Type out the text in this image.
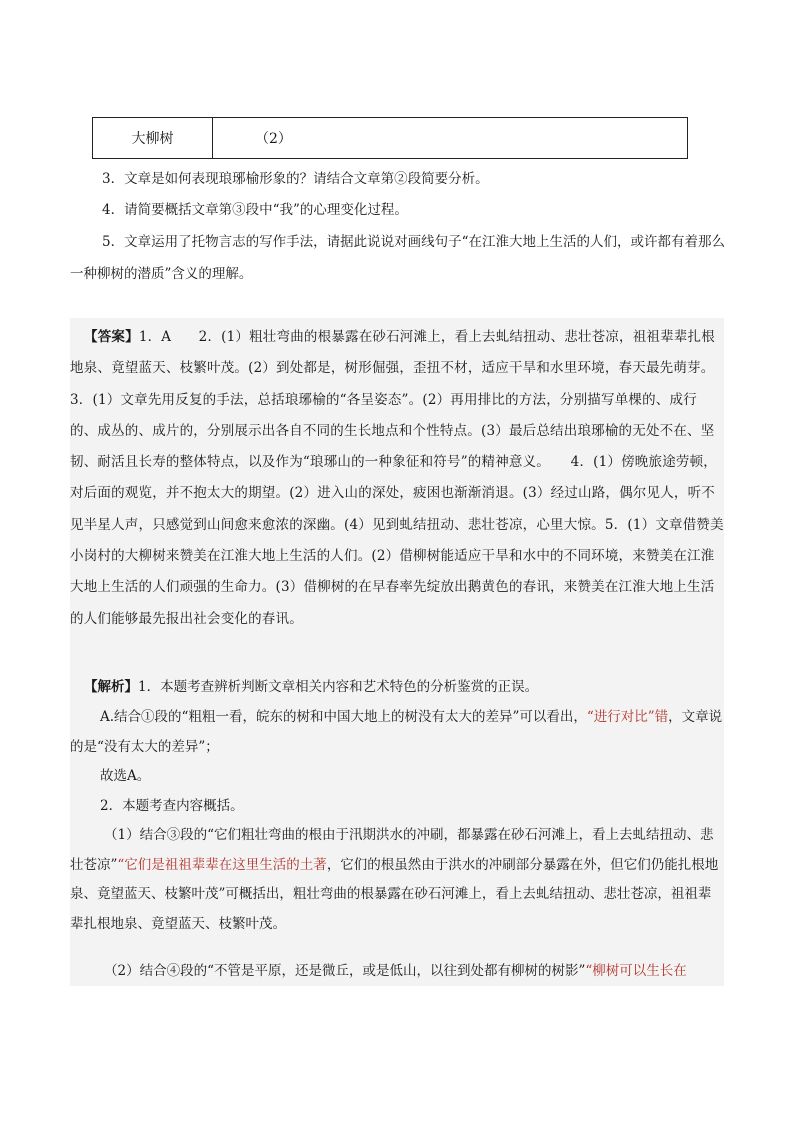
大柳树	（2）

3．文章是如何表现琅琊榆形象的？请结合文章第②段简要分析。

4．请简要概括文章第③段中“我”的心理变化过程。

5．文章运用了托物言志的写作手法，请据此说说对画线句子“在江淮大地上生活的人们，或许都有着那么一种柳树的潜质”含义的理解。

【答案】1．A　　2．(1）粗壮弯曲的根暴露在砂石河滩上，看上去虬结扭动、悲壮苍凉，祖祖辈辈扎根地泉、竟望蓝天、枝繁叶茂。(2）到处都是，树形倔强，歪扭不材，适应干旱和水里环境，春天最先萌芽。　　3．(1）文章先用反复的手法，总括琅琊榆的“各呈姿态”。(2）再用排比的方法，分别描写单棵的、成行的、成丛的、成片的，分别展示出各自不同的生长地点和个性特点。(3）最后总结出琅琊榆的无处不在、坚韧、耐活且长寿的整体特点，以及作为“琅琊山的一种象征和符号”的精神意义。　　4．(1）傍晚旅途劳顿，对后面的观览，并不抱太大的期望。(2）进入山的深处，疲困也渐渐消退。(3）经过山路，偶尔见人，听不见半星人声，只感觉到山间愈来愈浓的深幽。(4）见到虬结扭动、悲壮苍凉，心里大惊。5．(1）文章借赞美小岗村的大柳树来赞美在江淮大地上生活的人们。(2）借柳树能适应干旱和水中的不同环境，来赞美在江淮大地上生活的人们顽强的生命力。(3）借柳树的在早春率先绽放出鹅黄色的春讯，来赞美在江淮大地上生活的人们能够最先报出社会变化的春讯。

【解析】1．本题考查辨析判断文章相关内容和艺术特色的分析鉴赏的正误。

A.结合①段的“粗粗一看，皖东的树和中国大地上的树没有太大的差异”可以看出，“进行对比”错，文章说的是“没有太大的差异”；

故选A。

2．本题考查内容概括。

（1）结合③段的“它们粗壮弯曲的根由于汛期洪水的冲刷，都暴露在砂石河滩上，看上去虬结扭动、悲壮苍凉”“它们是祖祖辈辈在这里生活的土著，它们的根虽然由于洪水的冲刷部分暴露在外，但它们仍能扎根地泉、竟望蓝天、枝繁叶茂”可概括出，粗壮弯曲的根暴露在砂石河滩上，看上去虬结扭动、悲壮苍凉，祖祖辈辈扎根地泉、竟望蓝天、枝繁叶茂。

（2）结合④段的“不管是平原，还是微丘，或是低山，以往到处都有柳树的树影”“柳树可以生长在
